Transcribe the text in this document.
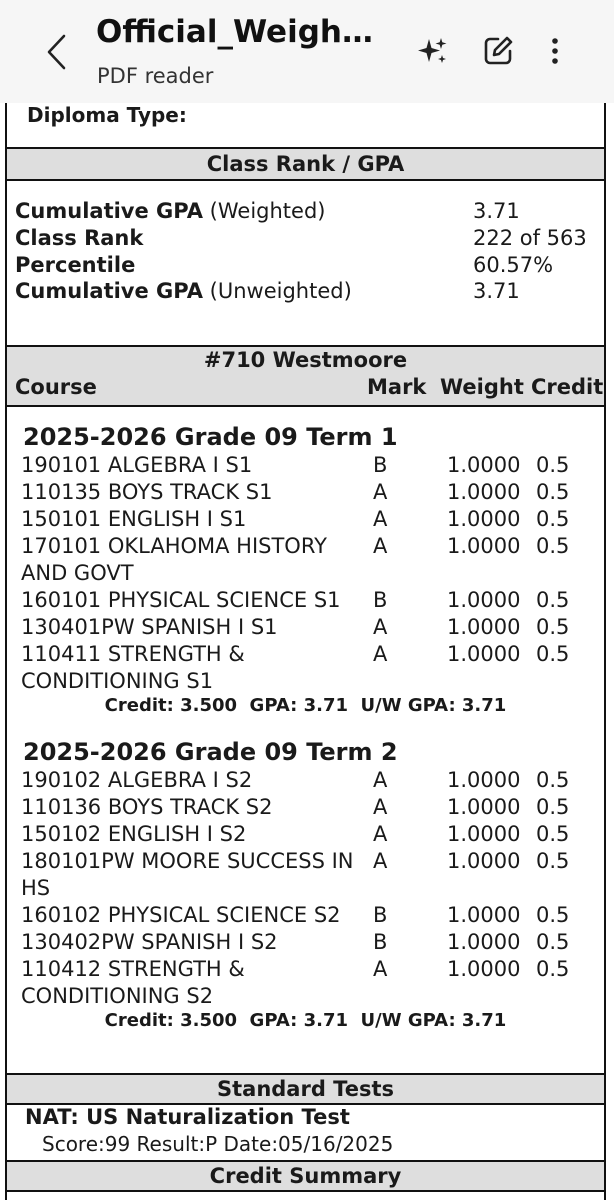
Official_Weigh…
PDF reader
Diploma Type:
Class Rank / GPA
Cumulative GPA (Weighted)	3.71
Class Rank	222 of 563
Percentile	60.57%
Cumulative GPA (Unweighted)	3.71
#710 Westmoore
Course	Mark Weight Credit
2025-2026 Grade 09 Term 1
190101 ALGEBRA I S1	B	1.0000 0.5
110135 BOYS TRACK S1	A	1.0000 0.5
150101 ENGLISH I S1	A	1.0000 0.5
170101 OKLAHOMA HISTORY
AND GOVT
A	1.0000 0.5
160101 PHYSICAL SCIENCE S1 B	1.0000 0.5
130401PW SPANISH I S1	A	1.0000 0.5
110411 STRENGTH &
CONDITIONING S1
A	1.0000 0.5
Credit: 3.500  GPA: 3.71  U/W GPA: 3.71
2025-2026 Grade 09 Term 2
190102 ALGEBRA I S2	A	1.0000 0.5
110136 BOYS TRACK S2	A	1.0000 0.5
150102 ENGLISH I S2	A	1.0000 0.5
180101PW MOORE SUCCESS IN
HS
A	1.0000 0.5
160102 PHYSICAL SCIENCE S2 B	1.0000 0.5
130402PW SPANISH I S2	B	1.0000 0.5
110412 STRENGTH &
CONDITIONING S2
A	1.0000 0.5
Credit: 3.500  GPA: 3.71  U/W GPA: 3.71
Standard Tests
NAT: US Naturalization Test
Score:99 Result:P Date:05/16/2025
Credit Summary
